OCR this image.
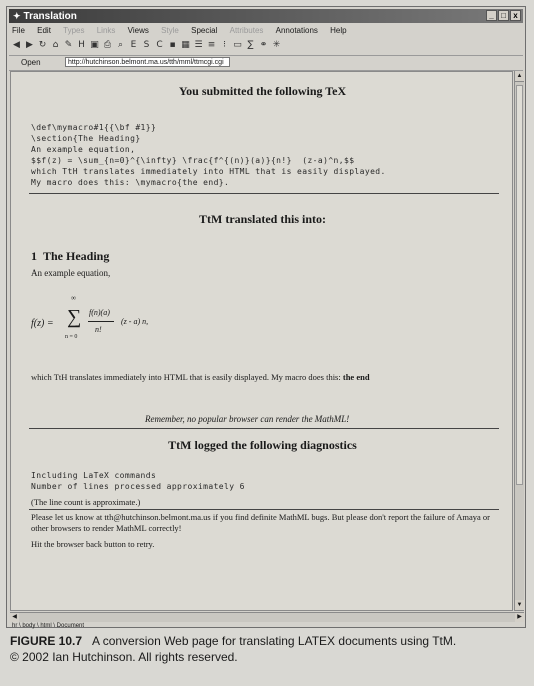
✦ Translation	_ □ x
File Edit Types Links Views Style Special Attributes Annotations Help
◀ ▶ ↻ ⌂ ✎ H ▣ ⎙ ⌕ E S C ▪ ▦ ☰ ≡ ⁝ ▭ ∑ ⚭ ✳
Open	http://hutchinson.belmont.ma.us/tth/mml/ttmcgi.cgi
You submitted the following TeX
\def\mymacro#1{{\bf #1}}
\section{The Heading}
An example equation,
$$f(z) = \sum_{n=0}^{\infty} \frac{f^{(n)}(a)}{n!}  (z-a)^n,$$
which TtH translates immediately into HTML that is easily displayed.
My macro does this: \mymacro{the end}.
TtM translated this into:
1 The Heading
An example equation,
f(z) =
∞
∑
n = 0
f(n)(a)
n!
(z - a) n,
which TtH translates immediately into HTML that is easily displayed. My macro does this: the end
Remember, no popular browser can render the MathML!
TtM logged the following diagnostics
Including LaTeX commands
Number of lines processed approximately 6
(The line count is approximate.)
Please let us know at tth@hutchinson.belmont.ma.us if you find definite MathML bugs. But please don't report the failure of Amaya or other browsers to render MathML correctly!
Hit the browser back button to retry.
▲
▼
◀	▶
hr \ body \ html \ Document
FIGURE 10.7 A conversion Web page for translating LATEX documents using TtM.
© 2002 Ian Hutchinson. All rights reserved.
